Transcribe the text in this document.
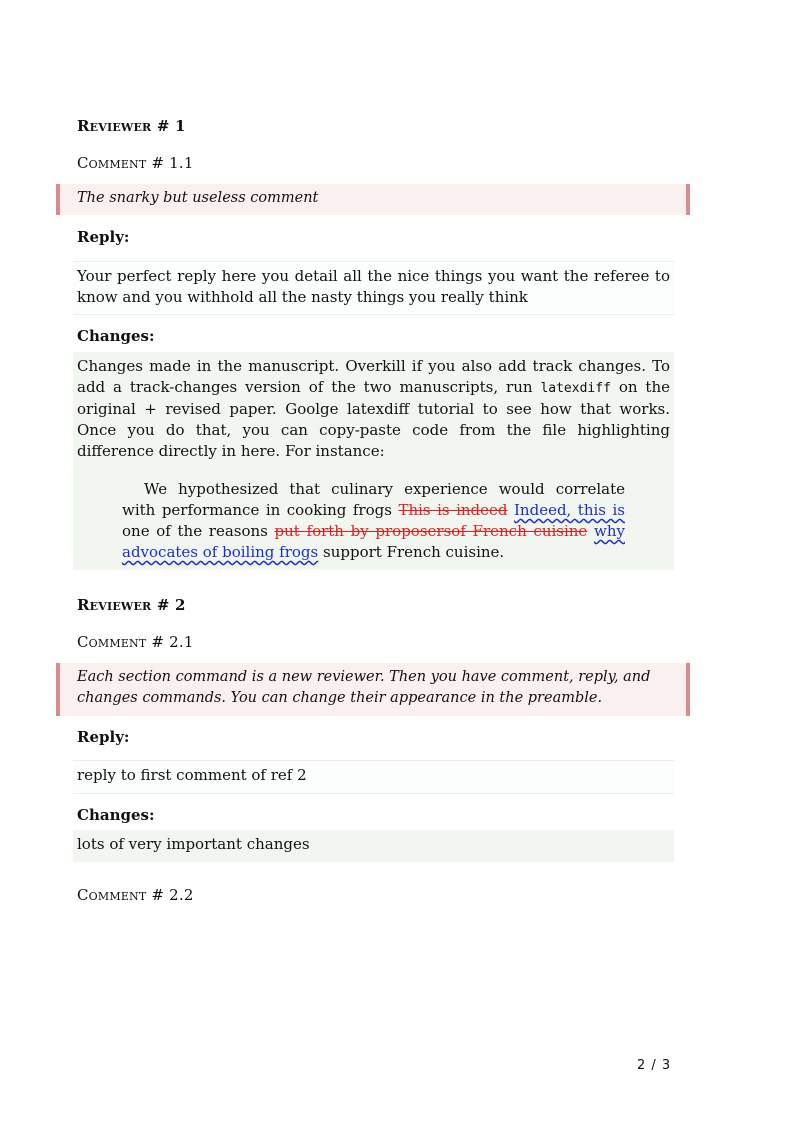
Reviewer # 1
Comment # 1.1
The snarky but useless comment
Reply:
Your perfect reply here you detail all the nice things you want the referee to know and you withhold all the nasty things you really think
Changes:
Changes made in the manuscript. Overkill if you also add track changes. To add a track-changes version of the two manuscripts, run latexdiff on the original + revised paper. Goolge latexdiff tutorial to see how that works. Once you do that, you can copy-paste code from the file highlighting difference directly in here. For instance:
We hypothesized that culinary experience would correlate with performance in cooking frogs This is indeed Indeed, this is one of the reasons put forth by proposersof French cuisine why advocates of boiling frogs support French cuisine.
Reviewer # 2
Comment # 2.1
Each section command is a new reviewer. Then you have comment, reply, and changes commands. You can change their appearance in the preamble.
Reply:
reply to first comment of ref 2
Changes:
lots of very important changes
Comment # 2.2
2 / 3
